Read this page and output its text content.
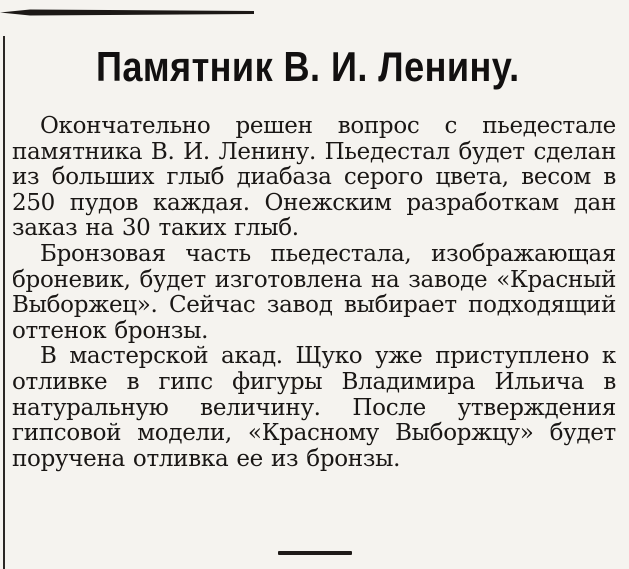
Памятник В. И. Ленину.

Окончательно решен вопрос с пьедестале памятника В. И. Ленину. Пьедестал будет сделан из больших глыб диабаза серого цвета, весом в 250 пудов каждая. Онежским разработкам дан заказ на 30 таких глыб.

Бронзовая часть пьедестала, изображающая броневик, будет изготовлена на заводе «Красный Выборжец». Сейчас завод выбирает подходящий оттенок бронзы.

В мастерской акад. Щуко уже приступлено к отливке в гипс фигуры Владимира Ильича в натуральную величину. После утверждения гипсовой модели, «Красному Выборжцу» будет поручена отливка ее из бронзы.
